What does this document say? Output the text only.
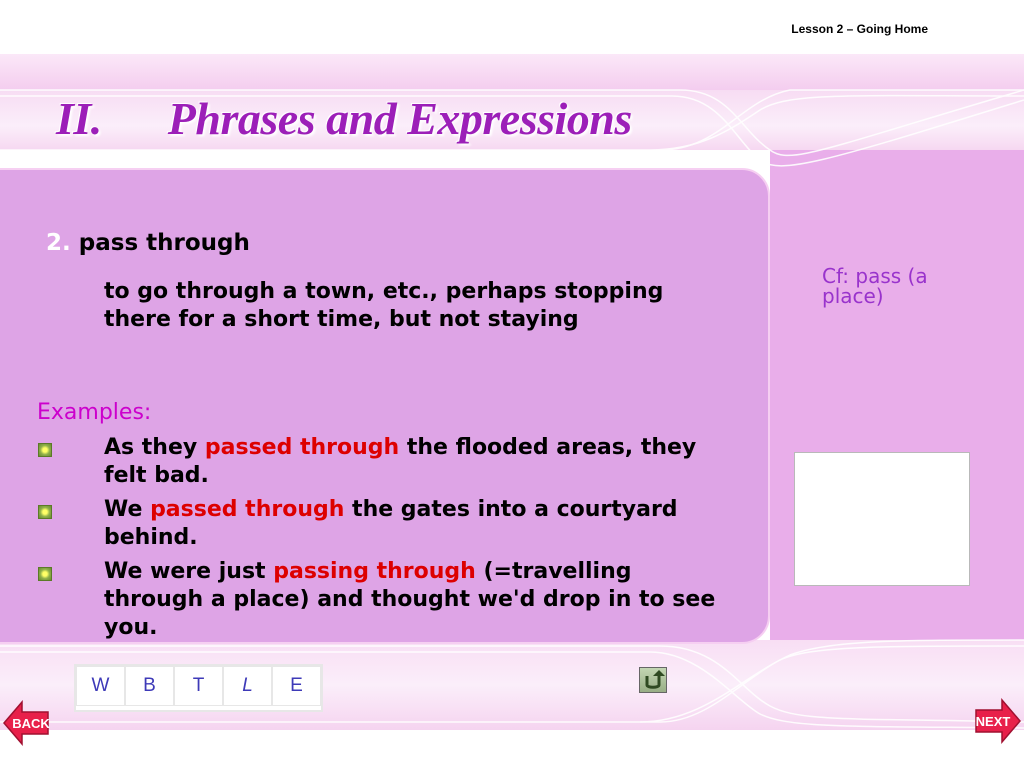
Lesson 2 – Going Home
II.      Phrases and Expressions
2. pass through
to go through a town, etc., perhaps stopping there for a short time, but not staying
Cf: pass (a place)
Examples:
As they passed through the flooded areas, they felt bad.
We passed through the gates into a courtyard behind.
We were just passing through (=travelling through a place) and thought we'd drop in to see you.
W	B	T	L	E
BACK	NEXT
